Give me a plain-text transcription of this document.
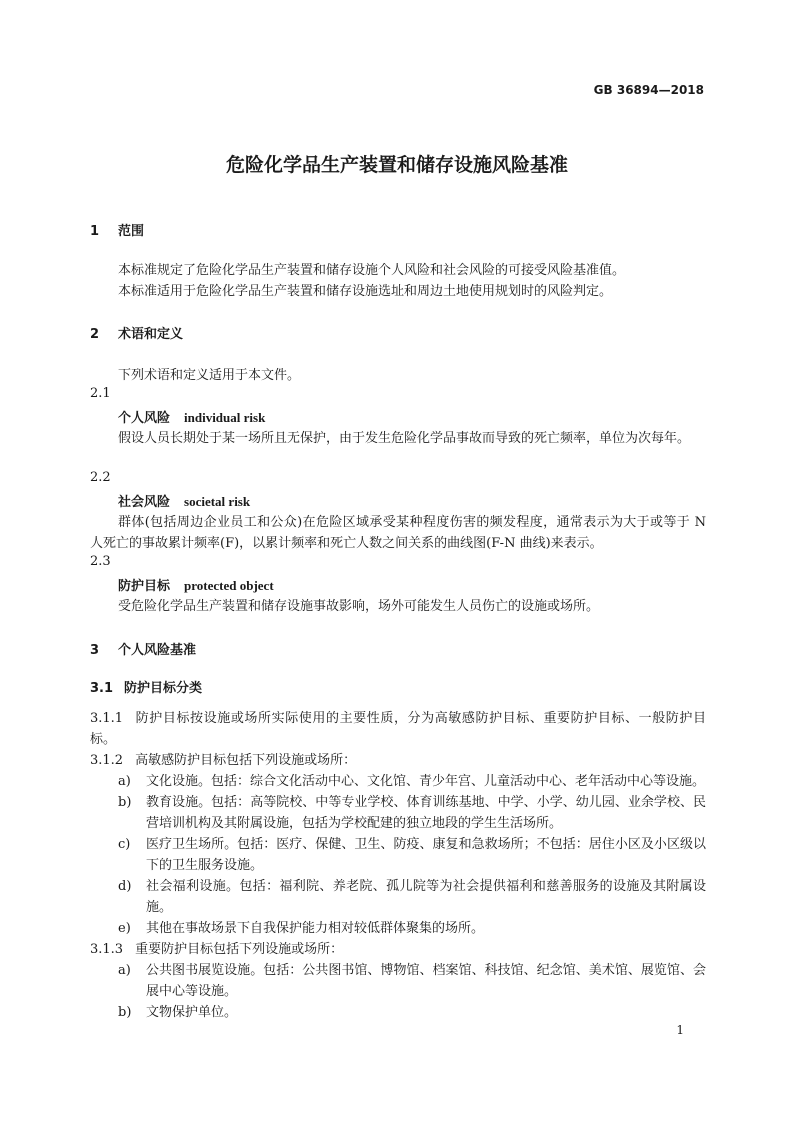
GB 36894—2018
危险化学品生产装置和储存设施风险基准
1 范围
本标准规定了危险化学品生产装置和储存设施个人风险和社会风险的可接受风险基准值。
本标准适用于危险化学品生产装置和储存设施选址和周边土地使用规划时的风险判定。
2 术语和定义
下列术语和定义适用于本文件。
2.1
个人风险 individual risk
假设人员长期处于某一场所且无保护，由于发生危险化学品事故而导致的死亡频率，单位为次每年。
2.2
社会风险 societal risk
群体(包括周边企业员工和公众)在危险区域承受某种程度伤害的频发程度，通常表示为大于或等于 N 人死亡的事故累计频率(F)，以累计频率和死亡人数之间关系的曲线图(F-N 曲线)来表示。
2.3
防护目标 protected object
受危险化学品生产装置和储存设施事故影响，场外可能发生人员伤亡的设施或场所。
3 个人风险基准
3.1 防护目标分类
3.1.1 防护目标按设施或场所实际使用的主要性质，分为高敏感防护目标、重要防护目标、一般防护目标。
3.1.2 高敏感防护目标包括下列设施或场所：
a) 文化设施。包括：综合文化活动中心、文化馆、青少年宫、儿童活动中心、老年活动中心等设施。
b) 教育设施。包括：高等院校、中等专业学校、体育训练基地、中学、小学、幼儿园、业余学校、民营培训机构及其附属设施，包括为学校配建的独立地段的学生生活场所。
c) 医疗卫生场所。包括：医疗、保健、卫生、防疫、康复和急救场所；不包括：居住小区及小区级以下的卫生服务设施。
d) 社会福利设施。包括：福利院、养老院、孤儿院等为社会提供福利和慈善服务的设施及其附属设施。
e) 其他在事故场景下自我保护能力相对较低群体聚集的场所。
3.1.3 重要防护目标包括下列设施或场所：
a) 公共图书展览设施。包括：公共图书馆、博物馆、档案馆、科技馆、纪念馆、美术馆、展览馆、会展中心等设施。
b) 文物保护单位。
1
